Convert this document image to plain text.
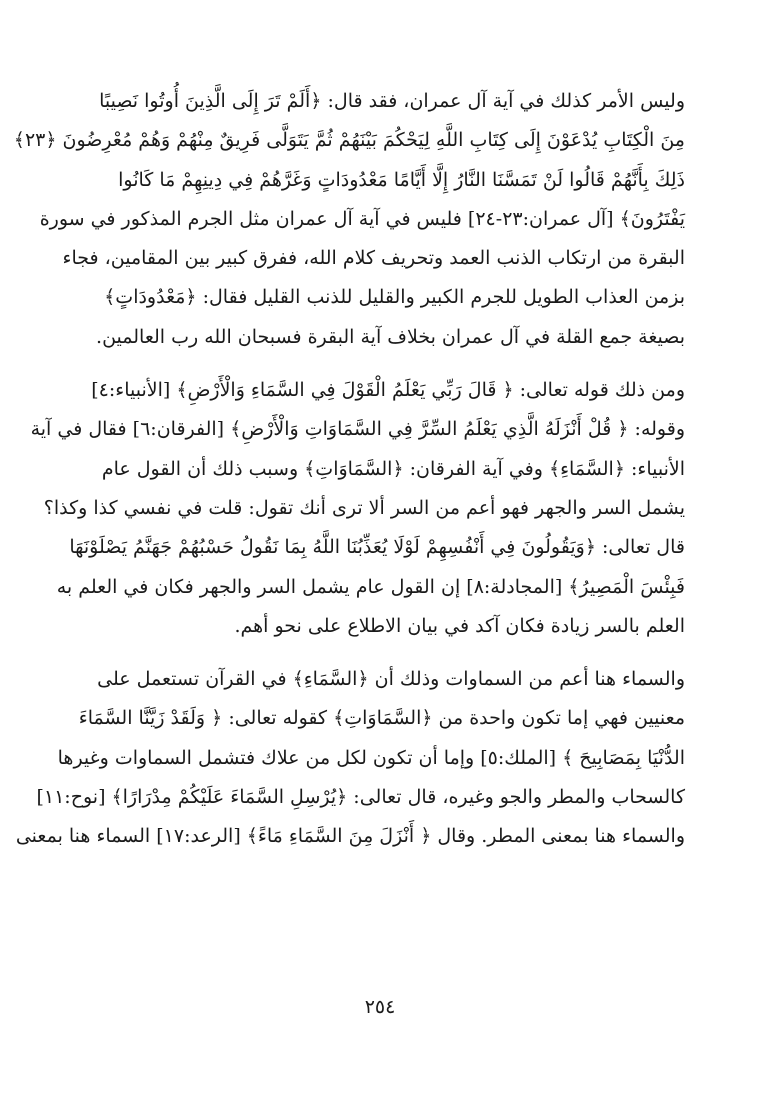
وليس الأمر كذلك في آية آل عمران، فقد قال: ﴿أَلَمْ تَرَ إِلَى الَّذِينَ أُوتُوا نَصِيبًا
مِنَ الْكِتَابِ يُدْعَوْنَ إِلَى كِتَابِ اللَّهِ لِيَحْكُمَ بَيْنَهُمْ ثُمَّ يَتَوَلَّى فَرِيقٌ مِنْهُمْ وَهُمْ مُعْرِضُونَ ﴿٢٣﴾
ذَلِكَ بِأَنَّهُمْ قَالُوا لَنْ تَمَسَّنَا النَّارُ إِلَّا أَيَّامًا مَعْدُودَاتٍ وَغَرَّهُمْ فِي دِينِهِمْ مَا كَانُوا
يَفْتَرُونَ﴾ [آل عمران:٢٣-٢٤] فليس في آية آل عمران مثل الجرم المذكور في سورة
البقرة من ارتكاب الذنب العمد وتحريف كلام الله، ففرق كبير بين المقامين، فجاء
بزمن العذاب الطويل للجرم الكبير والقليل للذنب القليل فقال: ﴿مَعْدُودَاتٍ﴾
بصيغة جمع القلة في آل عمران بخلاف آية البقرة فسبحان الله رب العالمين.

ومن ذلك قوله تعالى: ﴿ قَالَ رَبِّي يَعْلَمُ الْقَوْلَ فِي السَّمَاءِ وَالْأَرْضِ﴾ [الأنبياء:٤]
وقوله: ﴿ قُلْ أَنْزَلَهُ الَّذِي يَعْلَمُ السِّرَّ فِي السَّمَاوَاتِ وَالْأَرْضِ﴾ [الفرقان:٦] فقال في آية
الأنبياء: ﴿السَّمَاءِ﴾ وفي آية الفرقان: ﴿السَّمَاوَاتِ﴾ وسبب ذلك أن القول عام
يشمل السر والجهر فهو أعم من السر ألا ترى أنك تقول: قلت في نفسي كذا وكذا؟
قال تعالى: ﴿وَيَقُولُونَ فِي أَنْفُسِهِمْ لَوْلَا يُعَذِّبُنَا اللَّهُ بِمَا نَقُولُ حَسْبُهُمْ جَهَنَّمُ يَصْلَوْنَهَا
فَبِئْسَ الْمَصِيرُ﴾ [المجادلة:٨] إن القول عام يشمل السر والجهر فكان في العلم به
العلم بالسر زيادة فكان آكد في بيان الاطلاع على نحو أهم.

والسماء هنا أعم من السماوات وذلك أن ﴿السَّمَاءِ﴾ في القرآن تستعمل على
معنيين فهي إما تكون واحدة من ﴿السَّمَاوَاتِ﴾ كقوله تعالى: ﴿ وَلَقَدْ زَيَّنَّا السَّمَاءَ
الدُّنْيَا بِمَصَابِيحَ ﴾ [الملك:٥] وإما أن تكون لكل من علاك فتشمل السماوات وغيرها
كالسحاب والمطر والجو وغيره، قال تعالى: ﴿يُرْسِلِ السَّمَاءَ عَلَيْكُمْ مِدْرَارًا﴾ [نوح:١١]
والسماء هنا بمعنى المطر. وقال ﴿ أَنْزَلَ مِنَ السَّمَاءِ مَاءً﴾ [الرعد:١٧] السماء هنا بمعنى

٢٥٤
